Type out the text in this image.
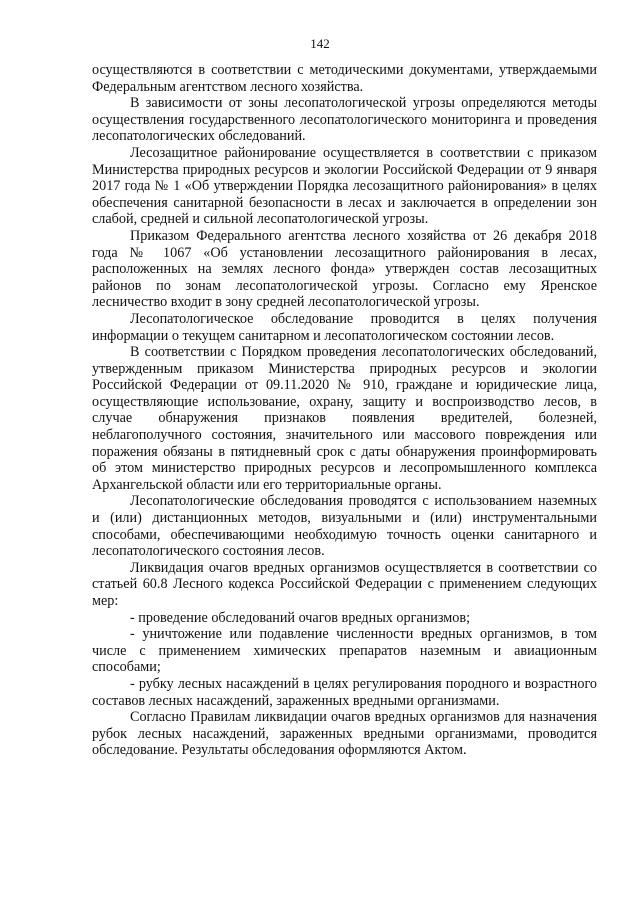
142

осуществляются в соответствии с методическими документами, утверждаемыми Федеральным агентством лесного хозяйства.

В зависимости от зоны лесопатологической угрозы определяются методы осуществления государственного лесопатологического мониторинга и проведения лесопатологических обследований.

Лесозащитное районирование осуществляется в соответствии с приказом Министерства природных ресурсов и экологии Российской Федерации от 9 января 2017 года № 1 «Об утверждении Порядка лесозащитного районирования» в целях обеспечения санитарной безопасности в лесах и заключается в определении зон слабой, средней и сильной лесопатологической угрозы.

Приказом Федерального агентства лесного хозяйства от 26 декабря 2018 года № 1067 «Об установлении лесозащитного районирования в лесах, расположенных на землях лесного фонда» утвержден состав лесозащитных районов по зонам лесопатологической угрозы. Согласно ему Яренское лесничество входит в зону средней лесопатологической угрозы.

Лесопатологическое обследование проводится в целях получения информации о текущем санитарном и лесопатологическом состоянии лесов.

В соответствии с Порядком проведения лесопатологических обследований, утвержденным приказом Министерства природных ресурсов и экологии Российской Федерации от 09.11.2020 № 910, граждане и юридические лица, осуществляющие использование, охрану, защиту и воспроизводство лесов, в случае обнаружения признаков появления вредителей, болезней, неблагополучного состояния, значительного или массового повреждения или поражения обязаны в пятидневный срок с даты обнаружения проинформировать об этом министерство природных ресурсов и лесопромышленного комплекса Архангельской области или его территориальные органы.

Лесопатологические обследования проводятся с использованием наземных и (или) дистанционных методов, визуальными и (или) инструментальными способами, обеспечивающими необходимую точность оценки санитарного и лесопатологического состояния лесов.

Ликвидация очагов вредных организмов осуществляется в соответствии со статьей 60.8 Лесного кодекса Российской Федерации с применением следующих мер:

- проведение обследований очагов вредных организмов;

- уничтожение или подавление численности вредных организмов, в том числе с применением химических препаратов наземным и авиационным способами;

- рубку лесных насаждений в целях регулирования породного и возрастного составов лесных насаждений, зараженных вредными организмами.

Согласно Правилам ликвидации очагов вредных организмов для назначения рубок лесных насаждений, зараженных вредными организмами, проводится обследование. Результаты обследования оформляются Актом.
